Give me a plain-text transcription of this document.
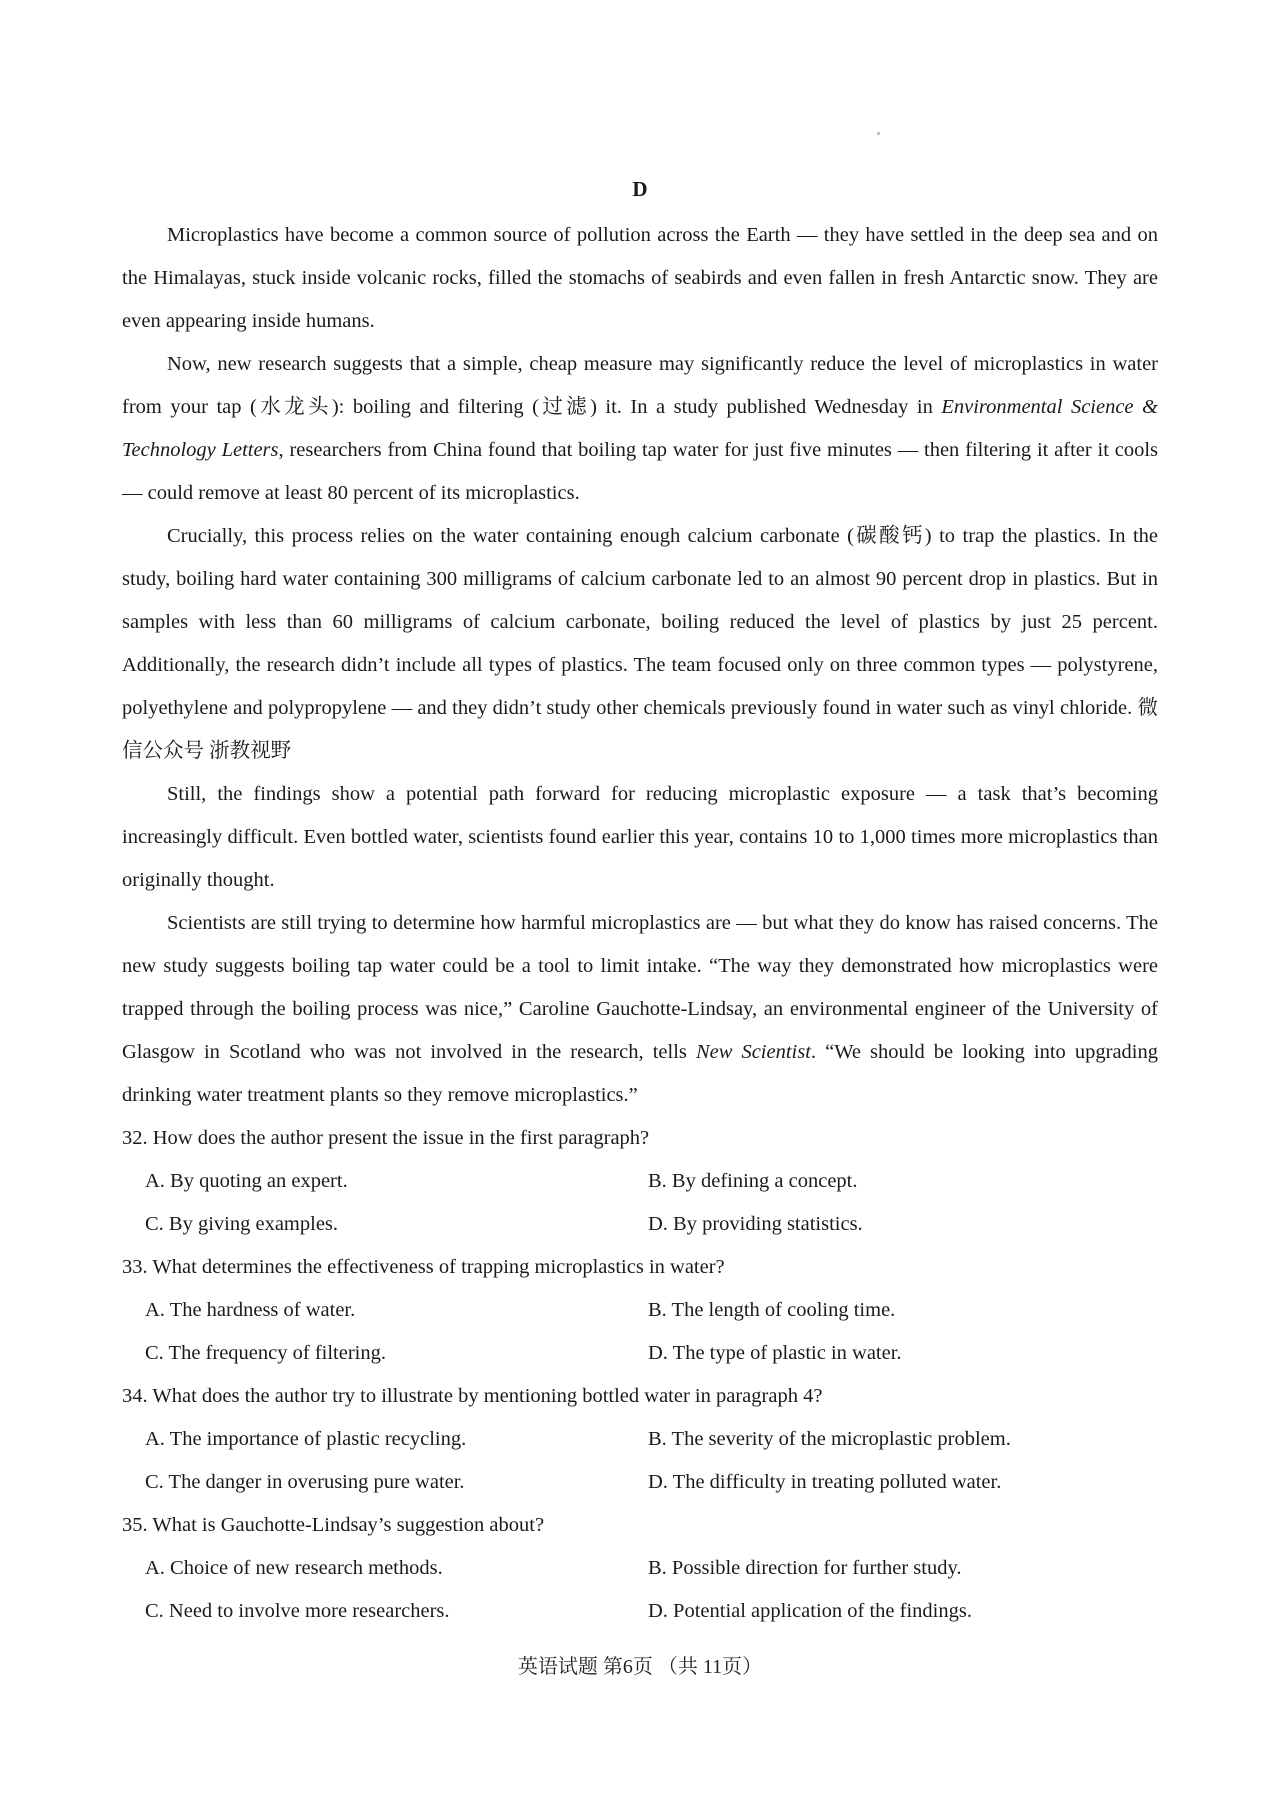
D

Microplastics have become a common source of pollution across the Earth — they have settled in the deep sea and on the Himalayas, stuck inside volcanic rocks, filled the stomachs of seabirds and even fallen in fresh Antarctic snow. They are even appearing inside humans.

Now, new research suggests that a simple, cheap measure may significantly reduce the level of microplastics in water from your tap (水龙头): boiling and filtering (过滤) it. In a study published Wednesday in Environmental Science & Technology Letters, researchers from China found that boiling tap water for just five minutes — then filtering it after it cools — could remove at least 80 percent of its microplastics.

Crucially, this process relies on the water containing enough calcium carbonate (碳酸钙) to trap the plastics. In the study, boiling hard water containing 300 milligrams of calcium carbonate led to an almost 90 percent drop in plastics. But in samples with less than 60 milligrams of calcium carbonate, boiling reduced the level of plastics by just 25 percent. Additionally, the research didn’t include all types of plastics. The team focused only on three common types — polystyrene, polyethylene and polypropylene — and they didn’t study other chemicals previously found in water such as vinyl chloride. 微信公众号 浙教视野

Still, the findings show a potential path forward for reducing microplastic exposure — a task that’s becoming increasingly difficult. Even bottled water, scientists found earlier this year, contains 10 to 1,000 times more microplastics than originally thought.

Scientists are still trying to determine how harmful microplastics are — but what they do know has raised concerns. The new study suggests boiling tap water could be a tool to limit intake. “The way they demonstrated how microplastics were trapped through the boiling process was nice,” Caroline Gauchotte-Lindsay, an environmental engineer of the University of Glasgow in Scotland who was not involved in the research, tells New Scientist. “We should be looking into upgrading drinking water treatment plants so they remove microplastics.”

32. How does the author present the issue in the first paragraph?

A. By quoting an expert.	B. By defining a concept.
C. By giving examples.	D. By providing statistics.

33. What determines the effectiveness of trapping microplastics in water?

A. The hardness of water.	B. The length of cooling time.
C. The frequency of filtering.	D. The type of plastic in water.

34. What does the author try to illustrate by mentioning bottled water in paragraph 4?

A. The importance of plastic recycling.	B. The severity of the microplastic problem.
C. The danger in overusing pure water.	D. The difficulty in treating polluted water.

35. What is Gauchotte-Lindsay’s suggestion about?

A. Choice of new research methods.	B. Possible direction for further study.
C. Need to involve more researchers.	D. Potential application of the findings.
英语试题 第6页 （共 11页）
